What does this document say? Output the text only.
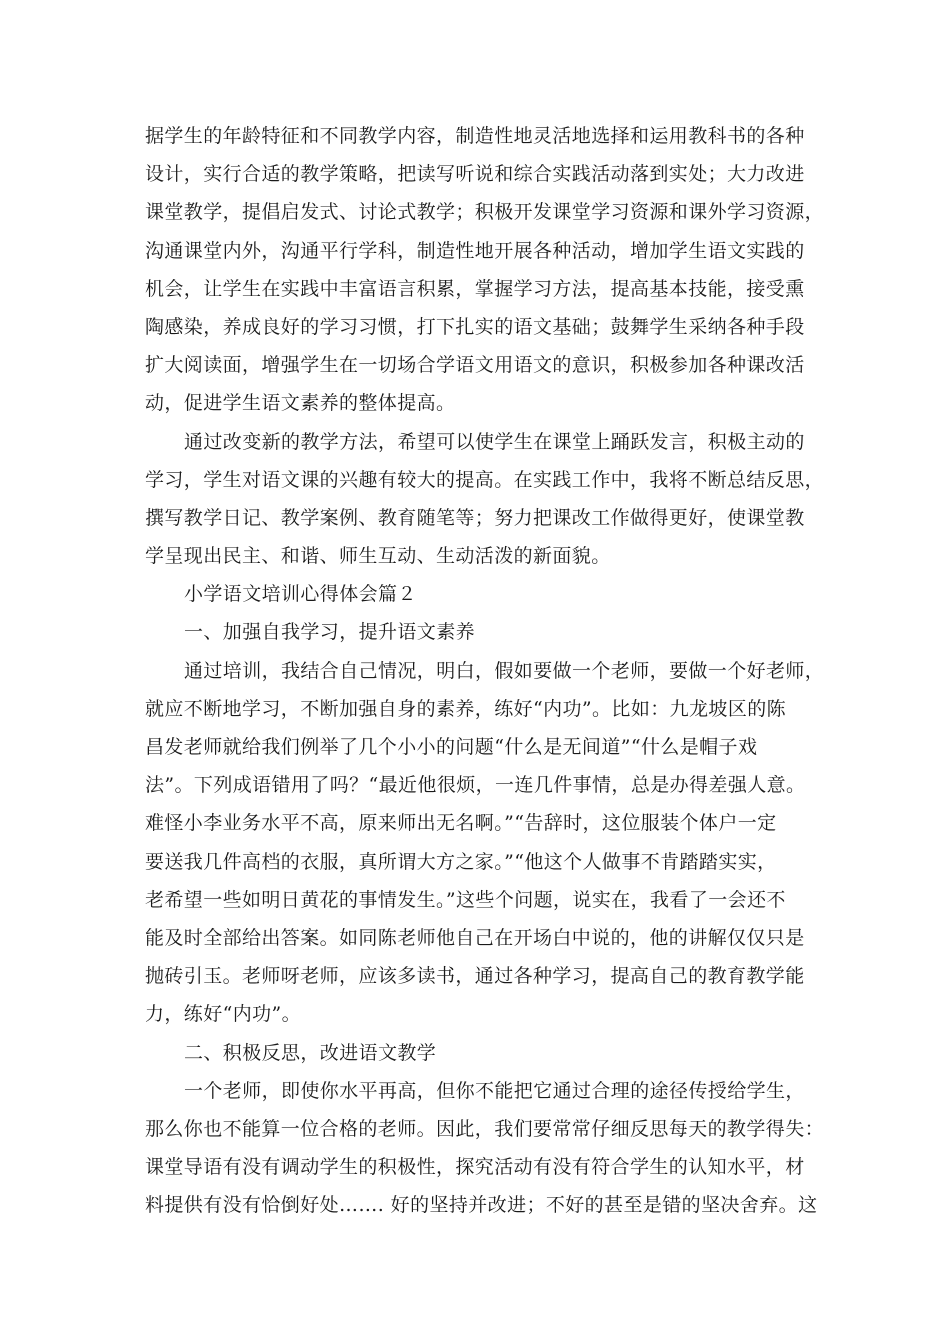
据学生的年龄特征和不同教学内容，制造性地灵活地选择和运用教科书的各种
设计，实行合适的教学策略，把读写听说和综合实践活动落到实处；大力改进
课堂教学，提倡启发式、讨论式教学；积极开发课堂学习资源和课外学习资源，
沟通课堂内外，沟通平行学科，制造性地开展各种活动，增加学生语文实践的
机会，让学生在实践中丰富语言积累，掌握学习方法，提高基本技能，接受熏
陶感染，养成良好的学习习惯，打下扎实的语文基础；鼓舞学生采纳各种手段
扩大阅读面，增强学生在一切场合学语文用语文的意识，积极参加各种课改活
动，促进学生语文素养的整体提高。
通过改变新的教学方法，希望可以使学生在课堂上踊跃发言，积极主动的
学习，学生对语文课的兴趣有较大的提高。在实践工作中，我将不断总结反思，
撰写教学日记、教学案例、教育随笔等；努力把课改工作做得更好，使课堂教
学呈现出民主、和谐、师生互动、生动活泼的新面貌。
小学语文培训心得体会篇２
一、加强自我学习，提升语文素养
通过培训，我结合自己情况，明白，假如要做一个老师，要做一个好老师，
就应不断地学习，不断加强自身的素养，练好“内功”。比如：九龙坡区的陈
昌发老师就给我们例举了几个小小的问题“什么是无间道”“什么是帽子戏
法”。下列成语错用了吗？“最近他很烦，一连几件事情，总是办得差强人意。
难怪小李业务水平不高，原来师出无名啊。”“告辞时，这位服装个体户一定
要送我几件高档的衣服，真所谓大方之家。”“他这个人做事不肯踏踏实实，
老希望一些如明日黄花的事情发生。”这些个问题，说实在，我看了一会还不
能及时全部给出答案。如同陈老师他自己在开场白中说的，他的讲解仅仅只是
抛砖引玉。老师呀老师，应该多读书，通过各种学习，提高自己的教育教学能
力，练好“内功”。
二、积极反思，改进语文教学
一个老师，即使你水平再高，但你不能把它通过合理的途径传授给学生，
那么你也不能算一位合格的老师。因此，我们要常常仔细反思每天的教学得失：
课堂导语有没有调动学生的积极性，探究活动有没有符合学生的认知水平，材
料提供有没有恰倒好处……. 好的坚持并改进；不好的甚至是错的坚决舍弃。这
